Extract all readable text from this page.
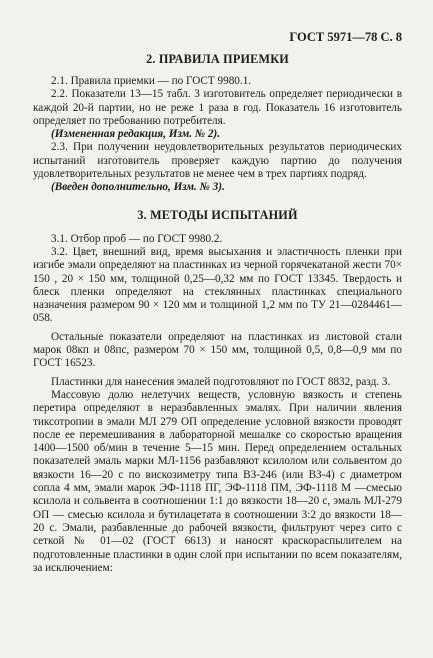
ГОСТ 5971—78 С. 8
2. ПРАВИЛА ПРИЕМКИ

2.1. Правила приемки — по ГОСТ 9980.1.

2.2. Показатели 13—15 табл. 3 изготовитель определяет периодически в каждой 20-й партии, но не реже 1 раза в год. Показатель 16 изготовитель определяет по требованию потребителя.

(Измененная редакция, Изм. № 2).

2.3. При получении неудовлетворительных результатов периодических испытаний изготовитель проверяет каждую партию до получения удовлетворительных результатов не менее чем в трех партиях подряд.

(Введен дополнительно, Изм. № 3).

3. МЕТОДЫ ИСПЫТАНИЙ

3.1. Отбор проб — по ГОСТ 9980.2.

3.2. Цвет, внешний вид, время высыхания и эластичность пленки при изгибе эмали определяют на пластинках из черной горячекатаной жести 70× 150 , 20 × 150 мм, толщиной 0,25—0,32 мм по ГОСТ 13345. Твердость и блеск пленки определяют на стеклянных пластинках специального назначения размером 90 × 120 мм и толщиной 1,2 мм по ТУ 21—0284461—058.

Остальные показатели определяют на пластинках из листовой стали марок 08кп и 08пс, размером 70 × 150 мм, толщиной 0,5, 0,8—0,9 мм по ГОСТ 16523.

Пластинки для нанесения эмалей подготовляют по ГОСТ 8832, разд. 3.

Массовую долю нелетучих веществ, условную вязкость и степень перетира определяют в неразбавленных эмалях. При наличии явления тиксотропии в эмали МЛ 279 ОП определение условной вязкости проводят после ее перемешивания в лабораторной мешалке со скоростью вращения 1400—1500 об/мин в течение 5—15 мин. Перед определением остальных показателей эмаль марки МЛ-1156 разбавляют ксилолом или сольвентом до вязкости 16—20 с по вискозиметру типа ВЗ-246 (или ВЗ-4) с диаметром сопла 4 мм, эмали марок ЭФ-1118 ПГ, ЭФ-1118 ПМ, ЭФ-1118 М —смесью ксилола и сольвента в соотношении 1:1 до вязкости 18—20 с, эмаль МЛ-279 ОП — смесью ксилола и бутилацетата в соотношении 3:2 до вязкости 18—20 с. Эмали, разбавленные до рабочей вязкости, фильтруют через сито с сеткой № 01—02 (ГОСТ 6613) и наносят краскораспылителем на подготовленные пластинки в один слой при испытании по всем показателям, за исключением:
